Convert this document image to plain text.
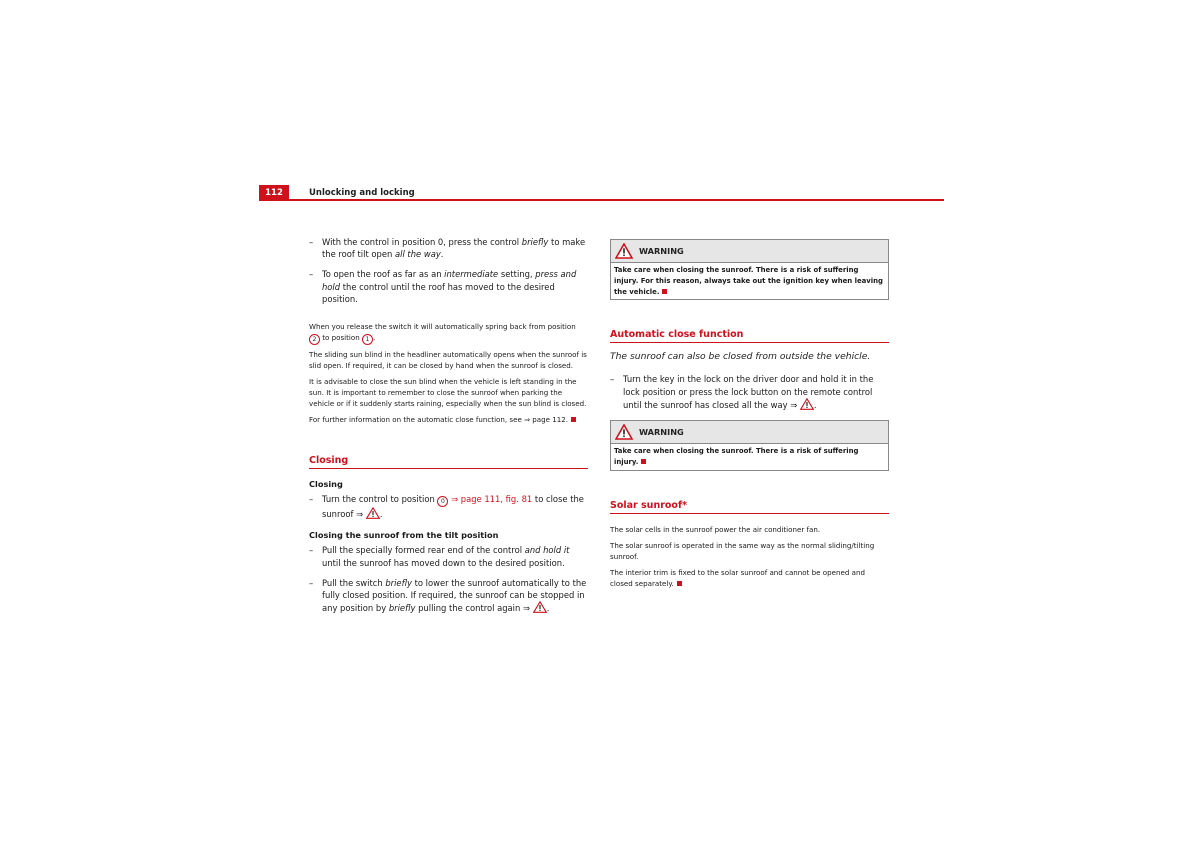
112	Unlocking and locking
– With the control in position 0, press the control briefly to make the roof tilt open all the way.
– To open the roof as far as an intermediate setting, press and hold the control until the roof has moved to the desired position.

When you release the switch it will automatically spring back from position 2 to position 1 .

The sliding sun blind in the headliner automatically opens when the sunroof is slid open. If required, it can be closed by hand when the sunroof is closed.

It is advisable to close the sun blind when the vehicle is left standing in the sun. It is important to remember to close the sunroof when parking the vehicle or if it suddenly starts raining, especially when the sun blind is closed.

For further information on the automatic close function, see ⇒ page 112.

Closing
Closing
– Turn the control to position 0 ⇒ page 111, fig. 81 to close the sunroof ⇒ .
Closing the sunroof from the tilt position
– Pull the specially formed rear end of the control and hold it until the sunroof has moved down to the desired position.
– Pull the switch briefly to lower the sunroof automatically to the fully closed position. If required, the sunroof can be stopped in any position by briefly pulling the control again ⇒ .
WARNING
Take care when closing the sunroof. There is a risk of suffering injury. For this reason, always take out the ignition key when leaving the vehicle.
Automatic close function

The sunroof can also be closed from outside the vehicle.

– Turn the key in the lock on the driver door and hold it in the lock position or press the lock button on the remote control until the sunroof has closed all the way ⇒ .
WARNING
Take care when closing the sunroof. There is a risk of suffering injury.
Solar sunroof*

The solar cells in the sunroof power the air conditioner fan.

The solar sunroof is operated in the same way as the normal sliding/tilting sunroof.

The interior trim is fixed to the solar sunroof and cannot be opened and closed separately.
